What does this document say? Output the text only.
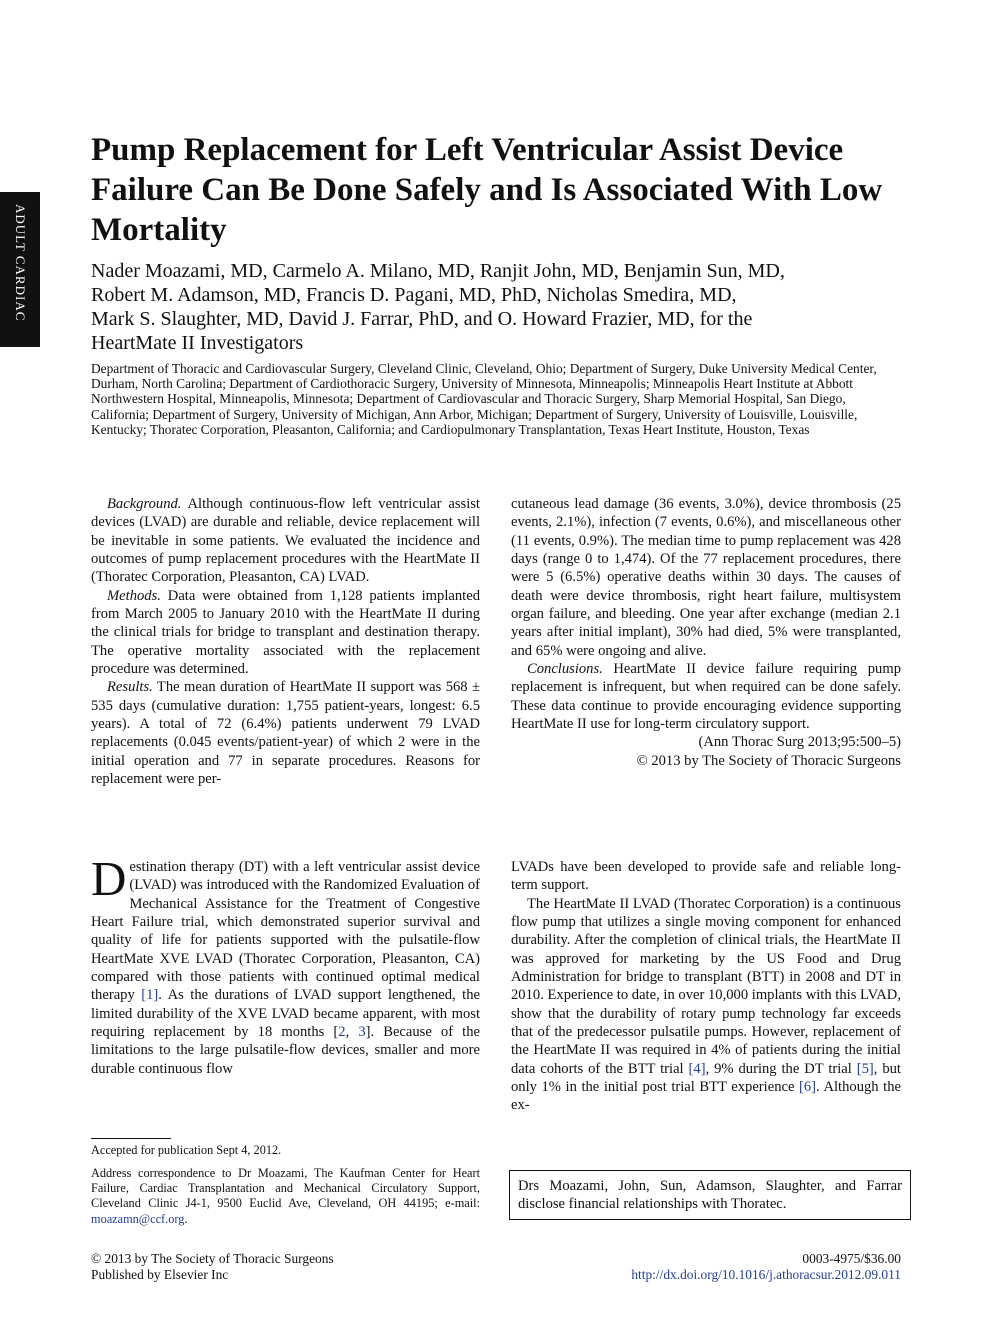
ADULT CARDIAC
Pump Replacement for Left Ventricular Assist Device Failure Can Be Done Safely and Is Associated With Low Mortality
Nader Moazami, MD, Carmelo A. Milano, MD, Ranjit John, MD, Benjamin Sun, MD,
Robert M. Adamson, MD, Francis D. Pagani, MD, PhD, Nicholas Smedira, MD,
Mark S. Slaughter, MD, David J. Farrar, PhD, and O. Howard Frazier, MD, for the
HeartMate II Investigators
Department of Thoracic and Cardiovascular Surgery, Cleveland Clinic, Cleveland, Ohio; Department of Surgery, Duke University Medical Center, Durham, North Carolina; Department of Cardiothoracic Surgery, University of Minnesota, Minneapolis; Minneapolis Heart Institute at Abbott Northwestern Hospital, Minneapolis, Minnesota; Department of Cardiovascular and Thoracic Surgery, Sharp Memorial Hospital, San Diego, California; Department of Surgery, University of Michigan, Ann Arbor, Michigan; Department of Surgery, University of Louisville, Louisville, Kentucky; Thoratec Corporation, Pleasanton, California; and Cardiopulmonary Transplantation, Texas Heart Institute, Houston, Texas

Background. Although continuous-flow left ventricular assist devices (LVAD) are durable and reliable, device replacement will be inevitable in some patients. We evaluated the incidence and outcomes of pump replacement procedures with the HeartMate II (Thoratec Corporation, Pleasanton, CA) LVAD.

Methods. Data were obtained from 1,128 patients implanted from March 2005 to January 2010 with the HeartMate II during the clinical trials for bridge to transplant and destination therapy. The operative mortality associated with the replacement procedure was determined.

Results. The mean duration of HeartMate II support was 568 ± 535 days (cumulative duration: 1,755 patient-years, longest: 6.5 years). A total of 72 (6.4%) patients underwent 79 LVAD replacements (0.045 events/patient-year) of which 2 were in the initial operation and 77 in separate procedures. Reasons for replacement were per-

cutaneous lead damage (36 events, 3.0%), device thrombosis (25 events, 2.1%), infection (7 events, 0.6%), and miscellaneous other (11 events, 0.9%). The median time to pump replacement was 428 days (range 0 to 1,474). Of the 77 replacement procedures, there were 5 (6.5%) operative deaths within 30 days. The causes of death were device thrombosis, right heart failure, multisystem organ failure, and bleeding. One year after exchange (median 2.1 years after initial implant), 30% had died, 5% were transplanted, and 65% were ongoing and alive.

Conclusions. HeartMate II device failure requiring pump replacement is infrequent, but when required can be done safely. These data continue to provide encouraging evidence supporting HeartMate II use for long-term circulatory support.

(Ann Thorac Surg 2013;95:500–5)

© 2013 by The Society of Thoracic Surgeons

Destination therapy (DT) with a left ventricular assist device (LVAD) was introduced with the Randomized Evaluation of Mechanical Assistance for the Treatment of Congestive Heart Failure trial, which demonstrated superior survival and quality of life for patients supported with the pulsatile-flow HeartMate XVE LVAD (Thoratec Corporation, Pleasanton, CA) compared with those patients with continued optimal medical therapy [1]. As the durations of LVAD support lengthened, the limited durability of the XVE LVAD became apparent, with most requiring replacement by 18 months [2, 3]. Because of the limitations to the large pulsatile-flow devices, smaller and more durable continuous flow

LVADs have been developed to provide safe and reliable long-term support.

The HeartMate II LVAD (Thoratec Corporation) is a continuous flow pump that utilizes a single moving component for enhanced durability. After the completion of clinical trials, the HeartMate II was approved for marketing by the US Food and Drug Administration for bridge to transplant (BTT) in 2008 and DT in 2010. Experience to date, in over 10,000 implants with this LVAD, show that the durability of rotary pump technology far exceeds that of the predecessor pulsatile pumps. However, replacement of the HeartMate II was required in 4% of patients during the initial data cohorts of the BTT trial [4], 9% during the DT trial [5], but only 1% in the initial post trial BTT experience [6]. Although the ex-

Accepted for publication Sept 4, 2012.
Address correspondence to Dr Moazami, The Kaufman Center for Heart Failure, Cardiac Transplantation and Mechanical Circulatory Support, Cleveland Clinic J4-1, 9500 Euclid Ave, Cleveland, OH 44195; e-mail: moazamn@ccf.org.
Drs Moazami, John, Sun, Adamson, Slaughter, and Farrar disclose financial relationships with Thoratec.
© 2013 by The Society of Thoracic Surgeons
Published by Elsevier Inc
0003-4975/$36.00
http://dx.doi.org/10.1016/j.athoracsur.2012.09.011
